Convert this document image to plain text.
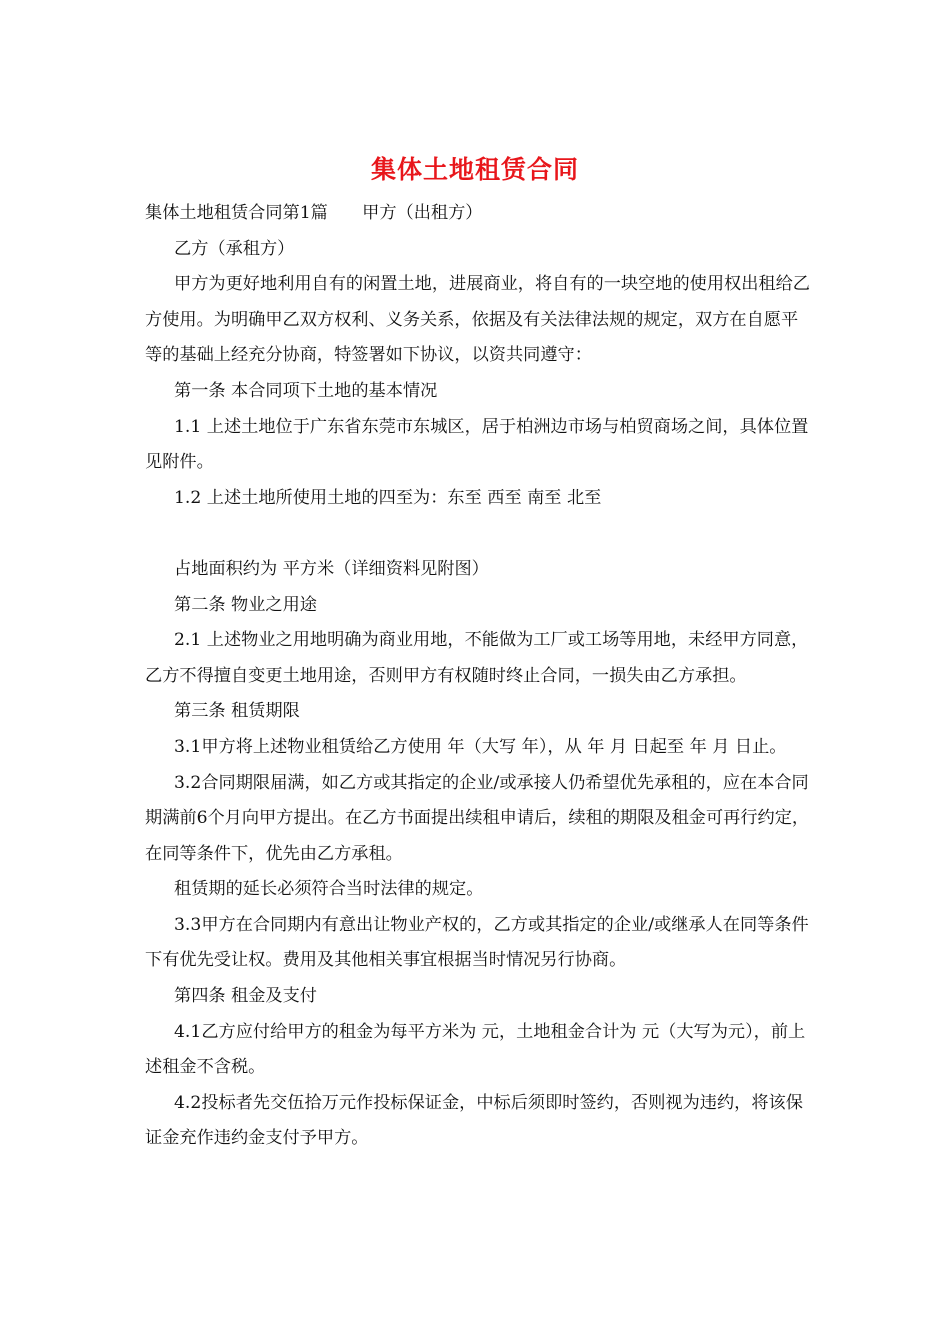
集体土地租赁合同

集体土地租赁合同第1篇　　甲方（出租方）

乙方（承租方）

甲方为更好地利用自有的闲置土地，进展商业，将自有的一块空地的使用权出租给乙方使用。为明确甲乙双方权利、义务关系，依据及有关法律法规的规定，双方在自愿平等的基础上经充分协商，特签署如下协议，以资共同遵守：

第一条 本合同项下土地的基本情况

1.1 上述土地位于广东省东莞市东城区，居于柏洲边市场与柏贸商场之间，具体位置见附件。

1.2 上述土地所使用土地的四至为：东至 西至 南至 北至

占地面积约为 平方米（详细资料见附图）

第二条 物业之用途

2.1 上述物业之用地明确为商业用地，不能做为工厂或工场等用地，未经甲方同意，乙方不得擅自变更土地用途，否则甲方有权随时终止合同，一损失由乙方承担。

第三条 租赁期限

3.1甲方将上述物业租赁给乙方使用 年（大写 年），从 年 月 日起至 年 月 日止。

3.2合同期限届满，如乙方或其指定的企业/或承接人仍希望优先承租的，应在本合同期满前6个月向甲方提出。在乙方书面提出续租申请后，续租的期限及租金可再行约定，在同等条件下，优先由乙方承租。

租赁期的延长必须符合当时法律的规定。

3.3甲方在合同期内有意出让物业产权的，乙方或其指定的企业/或继承人在同等条件下有优先受让权。费用及其他相关事宜根据当时情况另行协商。

第四条 租金及支付

4.1乙方应付给甲方的租金为每平方米为 元，土地租金合计为 元（大写为元），前上述租金不含税。

4.2投标者先交伍拾万元作投标保证金，中标后须即时签约，否则视为违约，将该保证金充作违约金支付予甲方。
